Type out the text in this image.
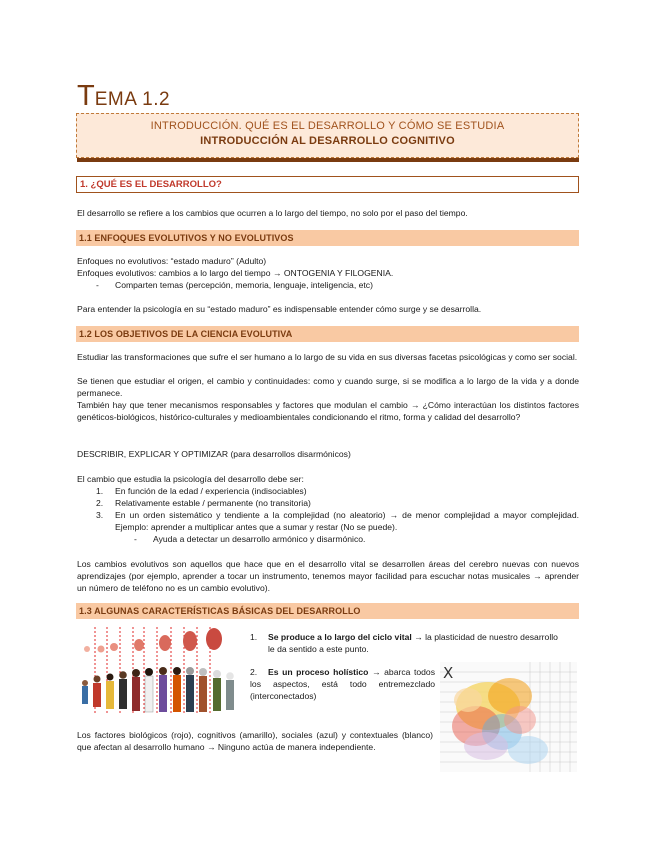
TEMA 1.2
INTRODUCCIÓN. QUÉ ES EL DESARROLLO Y CÓMO SE ESTUDIA
INTRODUCCIÓN AL DESARROLLO COGNITIVO
1. ¿QUÉ ES EL DESARROLLO?
El desarrollo se refiere a los cambios que ocurren a lo largo del tiempo, no solo por el paso del tiempo.
1.1 ENFOQUES EVOLUTIVOS Y NO EVOLUTIVOS
Enfoques no evolutivos: “estado maduro” (Adulto)
Enfoques evolutivos: cambios a lo largo del tiempo → ONTOGENIA Y FILOGENIA.
- Comparten temas (percepción, memoria, lenguaje, inteligencia, etc)
Para entender la psicología en su “estado maduro” es indispensable entender cómo surge y se desarrolla.
1.2 LOS OBJETIVOS DE LA CIENCIA EVOLUTIVA
Estudiar las transformaciones que sufre el ser humano a lo largo de su vida en sus diversas facetas psicológicas y como ser social.
Se tienen que estudiar el origen, el cambio y continuidades: como y cuando surge, si se modifica a lo largo de la vida y a donde permanece.
También hay que tener mecanismos responsables y factores que modulan el cambio → ¿Cómo interactúan los distintos factores genéticos-biológicos, histórico-culturales y medioambientales condicionando el ritmo, forma y calidad del desarrollo?
DESCRIBIR, EXPLICAR Y OPTIMIZAR (para desarrollos disarmónicos)
El cambio que estudia la psicología del desarrollo debe ser:
1. En función de la edad / experiencia (indisociables)
2. Relativamente estable / permanente (no transitoria)
3. En un orden sistemático y tendiente a la complejidad (no aleatorio) → de menor complejidad a mayor complejidad. Ejemplo: aprender a multiplicar antes que a sumar y restar (No se puede).
- Ayuda a detectar un desarrollo armónico y disarmónico.
Los cambios evolutivos son aquellos que hace que en el desarrollo vital se desarrollen áreas del cerebro nuevas con nuevos aprendizajes (por ejemplo, aprender a tocar un instrumento, tenemos mayor facilidad para escuchar notas musicales → aprender un número de teléfono no es un cambio evolutivo).
1.3 ALGUNAS CARACTERÍSTICAS BÁSICAS DEL DESARROLLO
1. Se produce a lo largo del ciclo vital → la plasticidad de nuestro desarrollo le da sentido a este punto.
2.	Es un proceso holístico → abarca todos los aspectos, está todo entremezclado (interconectados)
X
Los factores biológicos (rojo), cognitivos (amarillo), sociales (azul) y contextuales (blanco) que afectan al desarrollo humano → Ninguno actúa de manera independiente.
